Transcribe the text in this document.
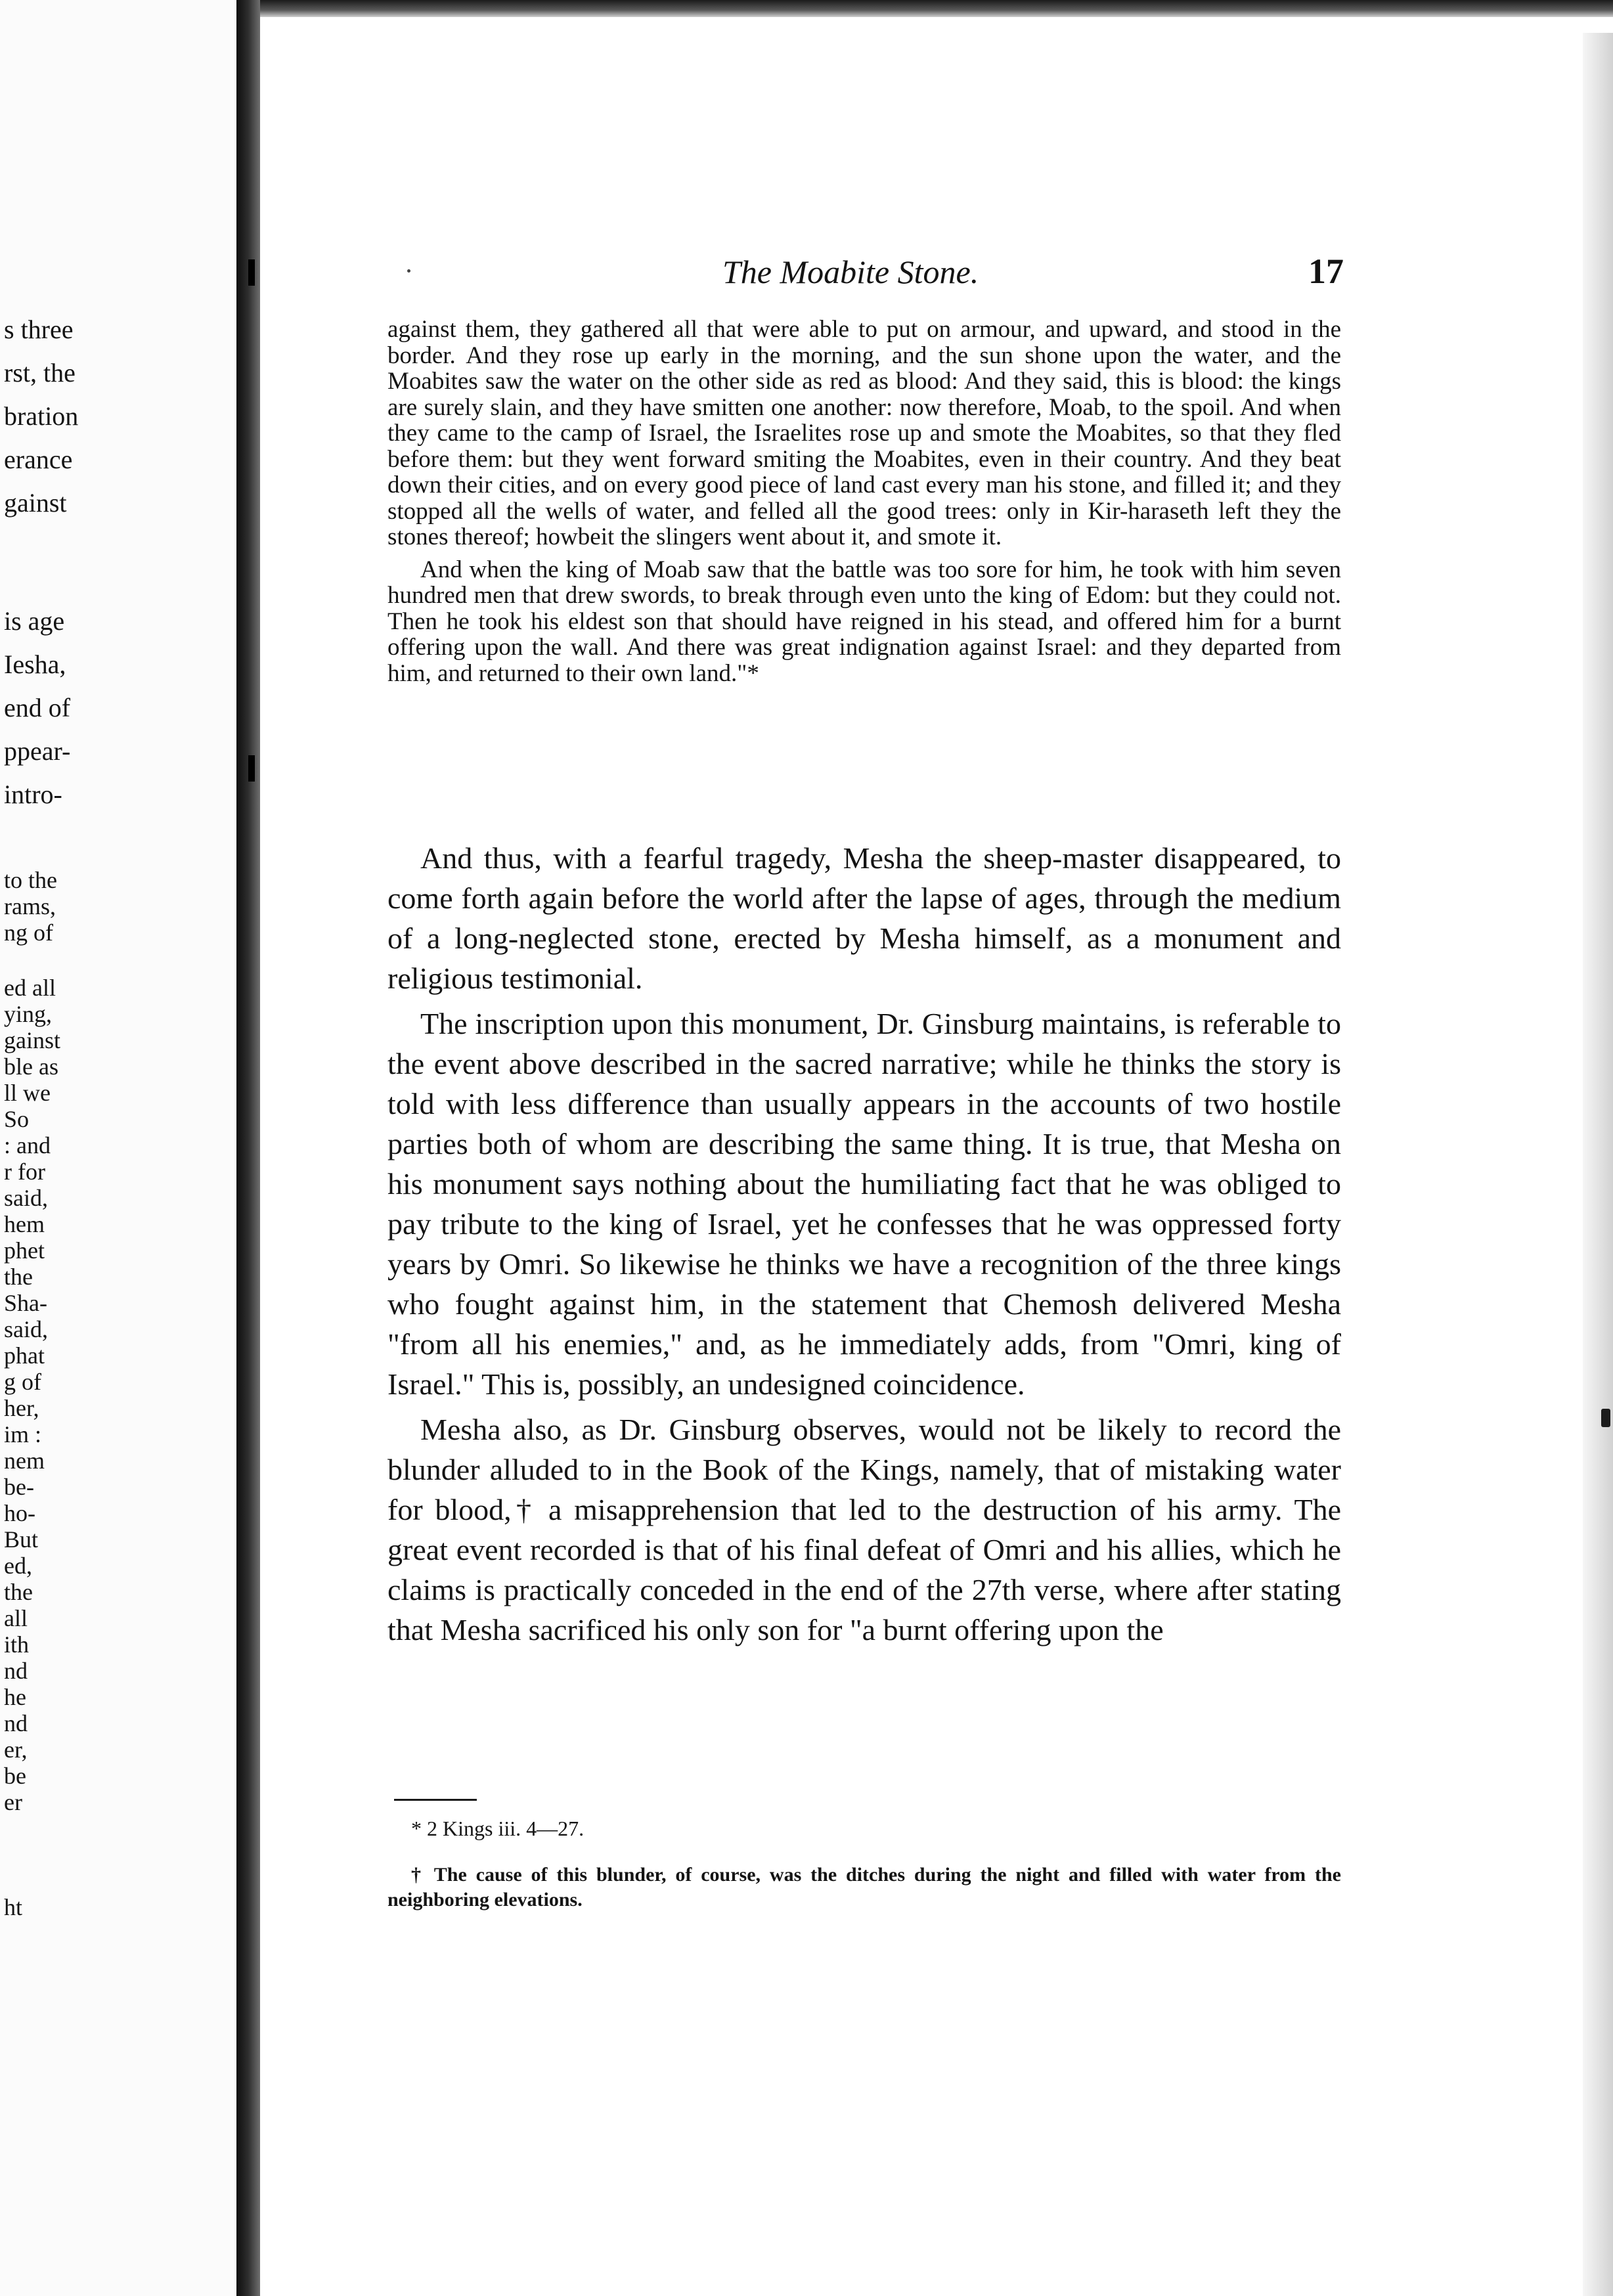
s three
rst, the
bration
erance
gainst
is age
Iesha,
end of
ppear-
intro-
to the
rams,
ng of
ed all
ying,
gainst
ble as
ll we
So
: and
r for
said,
hem
phet
the
Sha-
said,
phat
g of
her,
im :
nem
be-
ho-
But
ed,
the
all
ith
nd
he
nd
er,
be
er
ht
The Moabite Stone.	17

against them, they gathered all that were able to put on armour, and upward, and stood in the border. And they rose up early in the morning, and the sun shone upon the water, and the Moabites saw the water on the other side as red as blood: And they said, this is blood: the kings are surely slain, and they have smitten one another: now therefore, Moab, to the spoil. And when they came to the camp of Israel, the Israelites rose up and smote the Moabites, so that they fled before them: but they went forward smiting the Moabites, even in their country. And they beat down their cities, and on every good piece of land cast every man his stone, and filled it; and they stopped all the wells of water, and felled all the good trees: only in Kir-haraseth left they the stones thereof; howbeit the slingers went about it, and smote it.

And when the king of Moab saw that the battle was too sore for him, he took with him seven hundred men that drew swords, to break through even unto the king of Edom: but they could not. Then he took his eldest son that should have reigned in his stead, and offered him for a burnt offering upon the wall. And there was great indignation against Israel: and they departed from him, and returned to their own land."*

And thus, with a fearful tragedy, Mesha the sheep-master disappeared, to come forth again before the world after the lapse of ages, through the medium of a long-neglected stone, erected by Mesha himself, as a monument and religious testimonial.

The inscription upon this monument, Dr. Ginsburg maintains, is referable to the event above described in the sacred narrative; while he thinks the story is told with less difference than usually appears in the accounts of two hostile parties both of whom are describing the same thing. It is true, that Mesha on his monument says nothing about the humiliating fact that he was obliged to pay tribute to the king of Israel, yet he confesses that he was oppressed forty years by Omri. So likewise he thinks we have a recognition of the three kings who fought against him, in the statement that Chemosh delivered Mesha "from all his enemies," and, as he immediately adds, from "Omri, king of Israel." This is, possibly, an undesigned coincidence.

Mesha also, as Dr. Ginsburg observes, would not be likely to record the blunder alluded to in the Book of the Kings, namely, that of mistaking water for blood,† a misapprehension that led to the destruction of his army. The great event recorded is that of his final defeat of Omri and his allies, which he claims is practically conceded in the end of the 27th verse, where after stating that Mesha sacrificed his only son for "a burnt offering upon the

* 2 Kings iii. 4—27.
† The cause of this blunder, of course, was the ditches during the night and filled with water from the neighboring elevations.
